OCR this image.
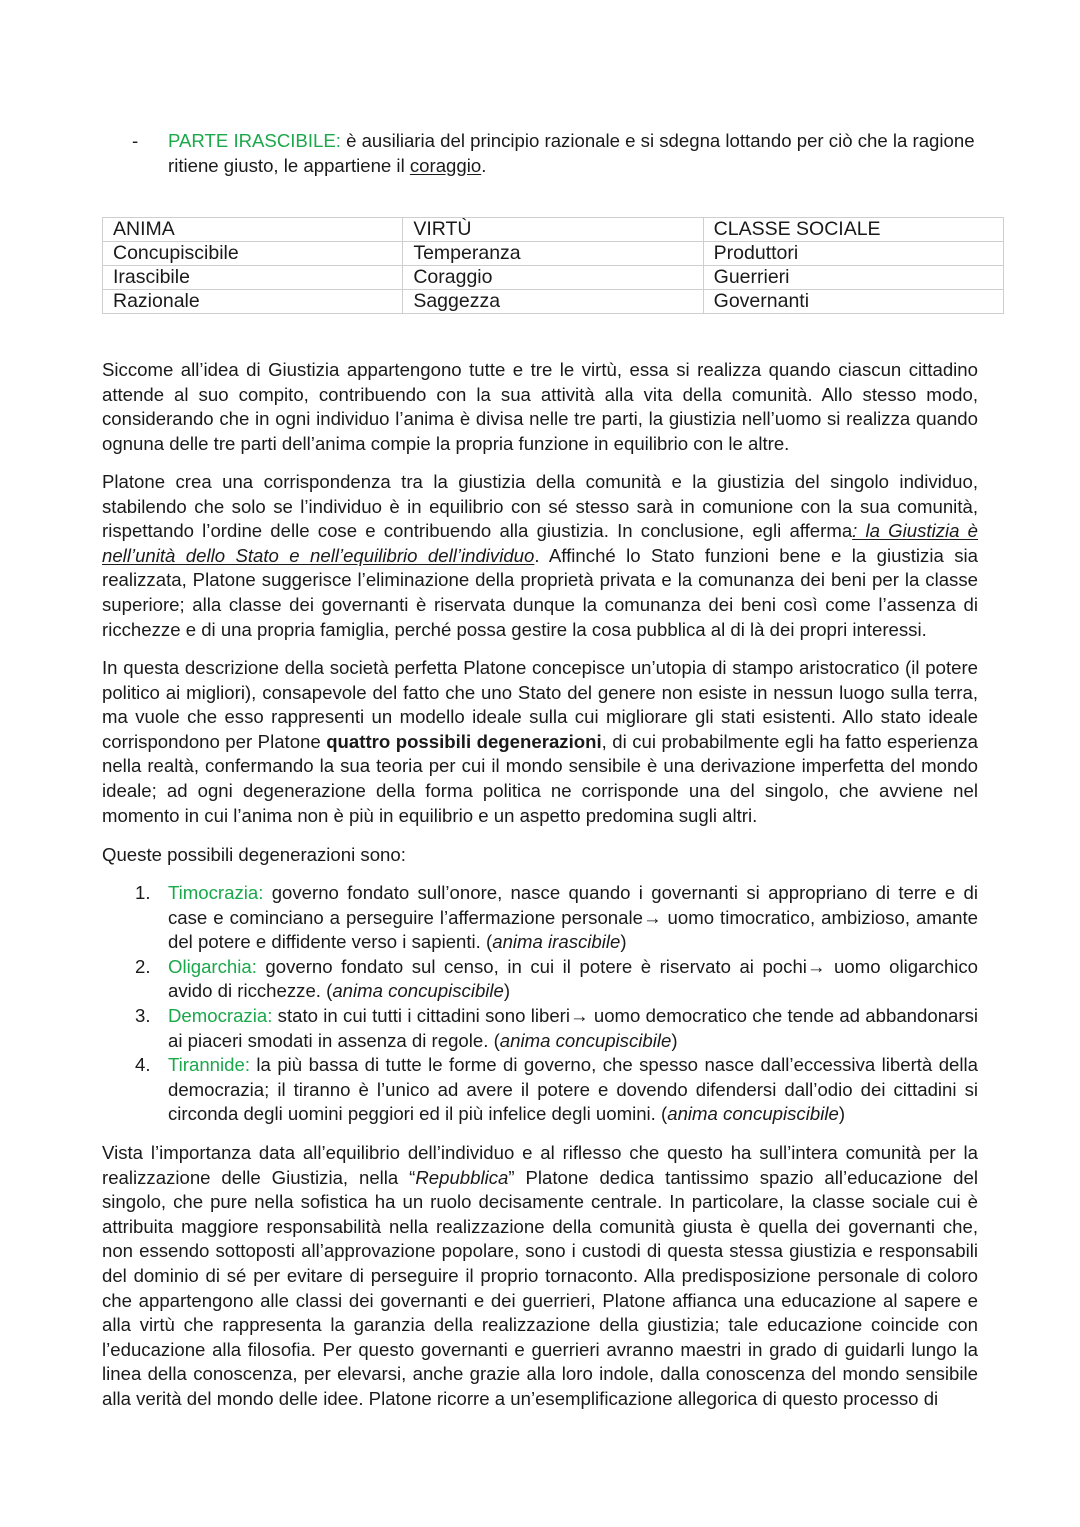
- PARTE IRASCIBILE: è ausiliaria del principio razionale e si sdegna lottando per ciò che la ragione ritiene giusto, le appartiene il coraggio.
ANIMA	VIRTÙ	CLASSE SOCIALE
Concupiscibile	Temperanza	Produttori
Irascibile	Coraggio	Guerrieri
Razionale	Saggezza	Governanti
Siccome all’idea di Giustizia appartengono tutte e tre le virtù, essa si realizza quando ciascun cittadino attende al suo compito, contribuendo con la sua attività alla vita della comunità. Allo stesso modo, considerando che in ogni individuo l’anima è divisa nelle tre parti, la giustizia nell’uomo si realizza quando ognuna delle tre parti dell’anima compie la propria funzione in equilibrio con le altre.
Platone crea una corrispondenza tra la giustizia della comunità e la giustizia del singolo individuo, stabilendo che solo se l’individuo è in equilibrio con sé stesso sarà in comunione con la sua comunità, rispettando l’ordine delle cose e contribuendo alla giustizia. In conclusione, egli afferma: la Giustizia è nell’unità dello Stato e nell’equilibrio dell’individuo. Affinché lo Stato funzioni bene e la giustizia sia realizzata, Platone suggerisce l’eliminazione della proprietà privata e la comunanza dei beni per la classe superiore; alla classe dei governanti è riservata dunque la comunanza dei beni così come l’assenza di ricchezze e di una propria famiglia, perché possa gestire la cosa pubblica al di là dei propri interessi.
In questa descrizione della società perfetta Platone concepisce un’utopia di stampo aristocratico (il potere politico ai migliori), consapevole del fatto che uno Stato del genere non esiste in nessun luogo sulla terra, ma vuole che esso rappresenti un modello ideale sulla cui migliorare gli stati esistenti. Allo stato ideale corrispondono per Platone quattro possibili degenerazioni, di cui probabilmente egli ha fatto esperienza nella realtà, confermando la sua teoria per cui il mondo sensibile è una derivazione imperfetta del mondo ideale; ad ogni degenerazione della forma politica ne corrisponde una del singolo, che avviene nel momento in cui l’anima non è più in equilibrio e un aspetto predomina sugli altri.
Queste possibili degenerazioni sono:
1. Timocrazia: governo fondato sull’onore, nasce quando i governanti si appropriano di terre e di case e cominciano a perseguire l’affermazione personale→ uomo timocratico, ambizioso, amante del potere e diffidente verso i sapienti. (anima irascibile)
2. Oligarchia: governo fondato sul censo, in cui il potere è riservato ai pochi→ uomo oligarchico avido di ricchezze. (anima concupiscibile)
3. Democrazia: stato in cui tutti i cittadini sono liberi→ uomo democratico che tende ad abbandonarsi ai piaceri smodati in assenza di regole. (anima concupiscibile)
4. Tirannide: la più bassa di tutte le forme di governo, che spesso nasce dall’eccessiva libertà della democrazia; il tiranno è l’unico ad avere il potere e dovendo difendersi dall’odio dei cittadini si circonda degli uomini peggiori ed il più infelice degli uomini. (anima concupiscibile)
Vista l’importanza data all’equilibrio dell’individuo e al riflesso che questo ha sull’intera comunità per la realizzazione delle Giustizia, nella “Repubblica” Platone dedica tantissimo spazio all’educazione del singolo, che pure nella sofistica ha un ruolo decisamente centrale. In particolare, la classe sociale cui è attribuita maggiore responsabilità nella realizzazione della comunità giusta è quella dei governanti che, non essendo sottoposti all’approvazione popolare, sono i custodi di questa stessa giustizia e responsabili del dominio di sé per evitare di perseguire il proprio tornaconto. Alla predisposizione personale di coloro che appartengono alle classi dei governanti e dei guerrieri, Platone affianca una educazione al sapere e alla virtù che rappresenta la garanzia della realizzazione della giustizia; tale educazione coincide con l’educazione alla filosofia. Per questo governanti e guerrieri avranno maestri in grado di guidarli lungo la linea della conoscenza, per elevarsi, anche grazie alla loro indole, dalla conoscenza del mondo sensibile alla verità del mondo delle idee. Platone ricorre a un’esemplificazione allegorica di questo processo di
